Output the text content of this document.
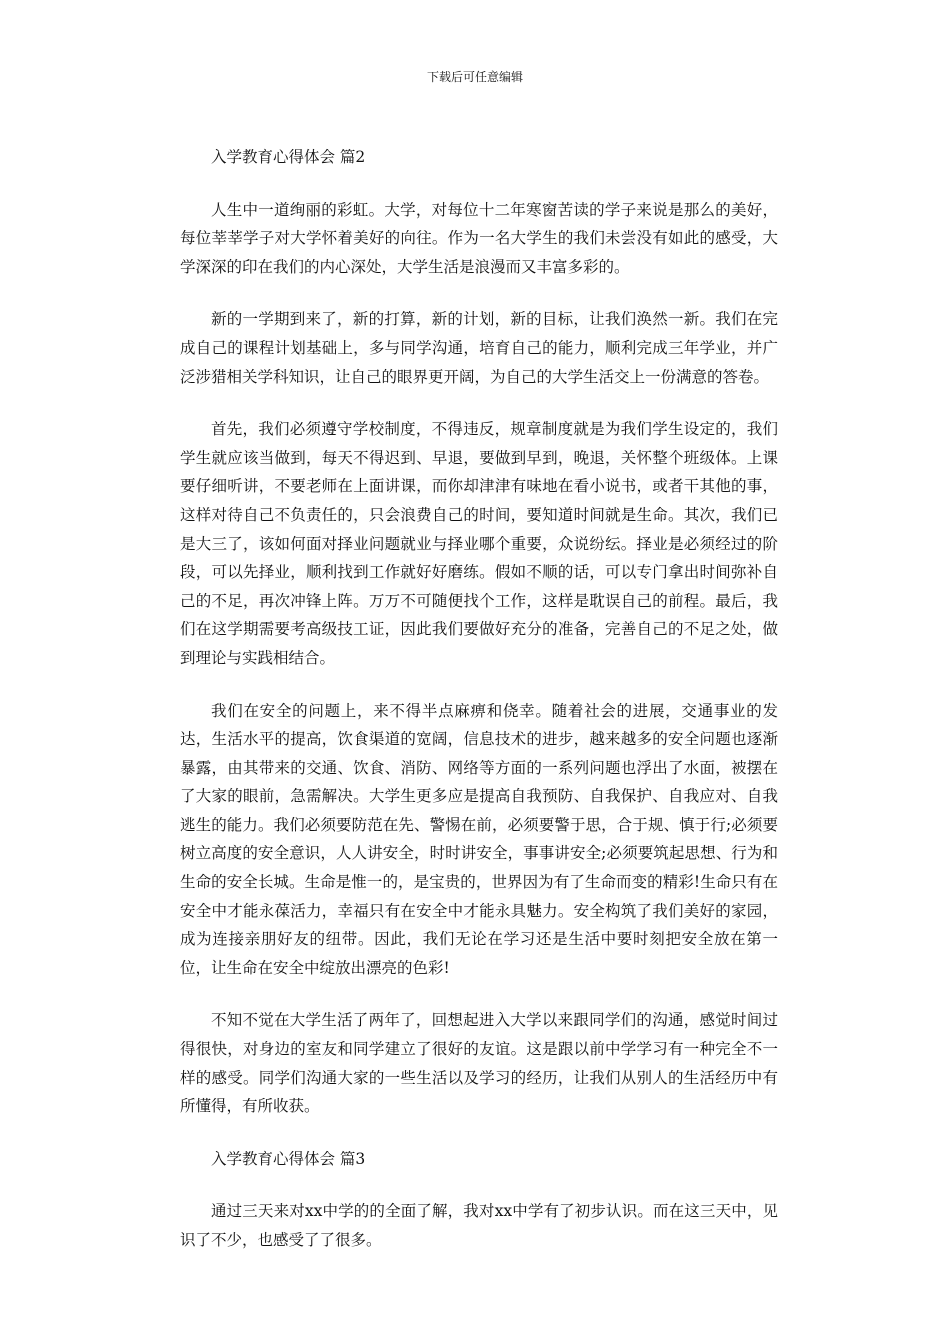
下载后可任意编辑

入学教育心得体会 篇2

人生中一道绚丽的彩虹。大学，对每位十二年寒窗苦读的学子来说是那么的美好，每位莘莘学子对大学怀着美好的向往。作为一名大学生的我们未尝没有如此的感受，大学深深的印在我们的内心深处，大学生活是浪漫而又丰富多彩的。

新的一学期到来了，新的打算，新的计划，新的目标，让我们涣然一新。我们在完成自己的课程计划基础上，多与同学沟通，培育自己的能力，顺利完成三年学业，并广泛涉猎相关学科知识，让自己的眼界更开阔，为自己的大学生活交上一份满意的答卷。

首先，我们必须遵守学校制度，不得违反，规章制度就是为我们学生设定的，我们学生就应该当做到，每天不得迟到、早退，要做到早到，晚退，关怀整个班级体。上课要仔细听讲，不要老师在上面讲课，而你却津津有味地在看小说书，或者干其他的事，这样对待自己不负责任的，只会浪费自己的时间，要知道时间就是生命。其次，我们已是大三了，该如何面对择业问题就业与择业哪个重要，众说纷纭。择业是必须经过的阶段，可以先择业，顺利找到工作就好好磨练。假如不顺的话，可以专门拿出时间弥补自己的不足，再次冲锋上阵。万万不可随便找个工作，这样是耽误自己的前程。最后，我们在这学期需要考高级技工证，因此我们要做好充分的准备，完善自己的不足之处，做到理论与实践相结合。

我们在安全的问题上，来不得半点麻痹和侥幸。随着社会的进展，交通事业的发达，生活水平的提高，饮食渠道的宽阔，信息技术的进步，越来越多的安全问题也逐渐暴露，由其带来的交通、饮食、消防、网络等方面的一系列问题也浮出了水面，被摆在了大家的眼前，急需解决。大学生更多应是提高自我预防、自我保护、自我应对、自我逃生的能力。我们必须要防范在先、警惕在前，必须要警于思，合于规、慎于行;必须要树立高度的安全意识，人人讲安全，时时讲安全，事事讲安全;必须要筑起思想、行为和生命的安全长城。生命是惟一的，是宝贵的，世界因为有了生命而变的精彩!生命只有在安全中才能永葆活力，幸福只有在安全中才能永具魅力。安全构筑了我们美好的家园，成为连接亲朋好友的纽带。因此，我们无论在学习还是生活中要时刻把安全放在第一位，让生命在安全中绽放出漂亮的色彩!

不知不觉在大学生活了两年了，回想起进入大学以来跟同学们的沟通，感觉时间过得很快，对身边的室友和同学建立了很好的友谊。这是跟以前中学学习有一种完全不一样的感受。同学们沟通大家的一些生活以及学习的经历，让我们从别人的生活经历中有所懂得，有所收获。

入学教育心得体会 篇3

通过三天来对xx中学的的全面了解，我对xx中学有了初步认识。而在这三天中，见识了不少，也感受了了很多。
